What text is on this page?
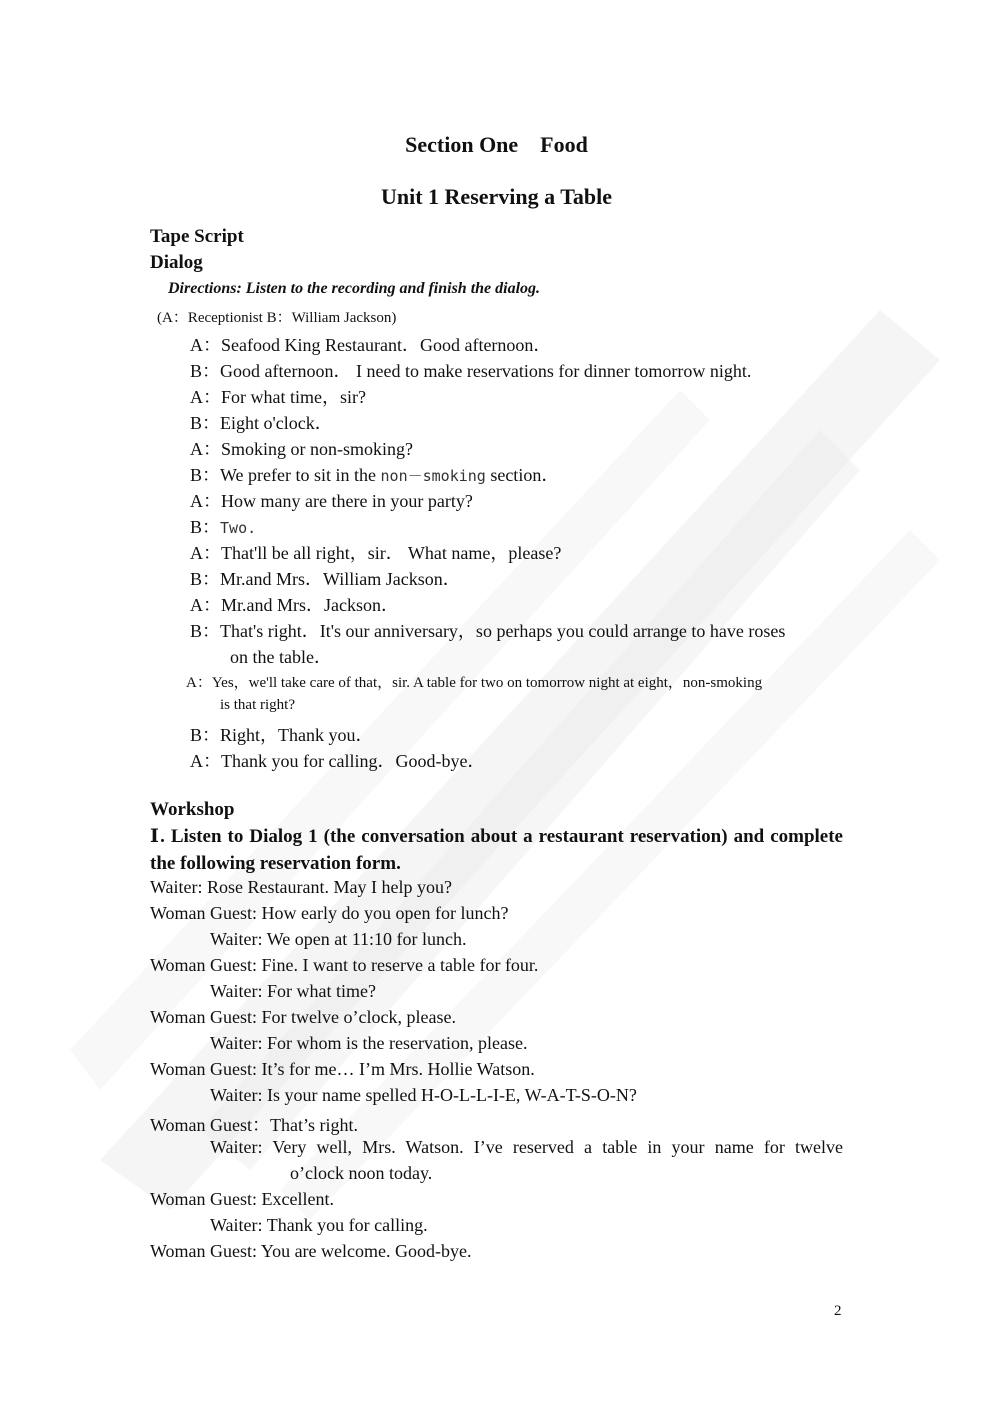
Section One    Food
Unit 1 Reserving a Table
Tape Script
Dialog
Directions: Listen to the recording and finish the dialog.
(A：Receptionist B：William Jackson)
A：Seafood King Restaurant．Good afternoon．
B：Good afternoon． I need to make reservations for dinner tomorrow night.
A：For what time，sir?
B：Eight o'clock．
A：Smoking or non-smoking?
B：We prefer to sit in the non－smoking section．
A：How many are there in your party?
B：Two.
A：That'll be all right，sir． What name，please?
B：Mr.and Mrs．William Jackson．
A：Mr.and Mrs．Jackson．
B：That's right．It's our anniversary，so perhaps you could arrange to have roses
on the table．
A：Yes，we'll take care of that，sir. A table for two on tomorrow night at eight，non-smoking
is that right?
B：Right，Thank you．
A：Thank you for calling．Good-bye．
Workshop
Ⅰ. Listen to Dialog 1 (the conversation about a restaurant reservation) and complete the following reservation form.
Waiter: Rose Restaurant. May I help you?
Woman Guest: How early do you open for lunch?
Waiter: We open at 11:10 for lunch.
Woman Guest: Fine. I want to reserve a table for four.
Waiter: For what time?
Woman Guest: For twelve o’clock, please.
Waiter: For whom is the reservation, please.
Woman Guest: It’s for me… I’m Mrs. Hollie Watson.
Waiter: Is your name spelled H-O-L-L-I-E, W-A-T-S-O-N?
Woman Guest：That’s right.
Waiter: Very well, Mrs. Watson. I’ve reserved a table in your name for twelve
o’clock noon today.
Woman Guest: Excellent.
Waiter: Thank you for calling.
Woman Guest: You are welcome. Good-bye.
2
